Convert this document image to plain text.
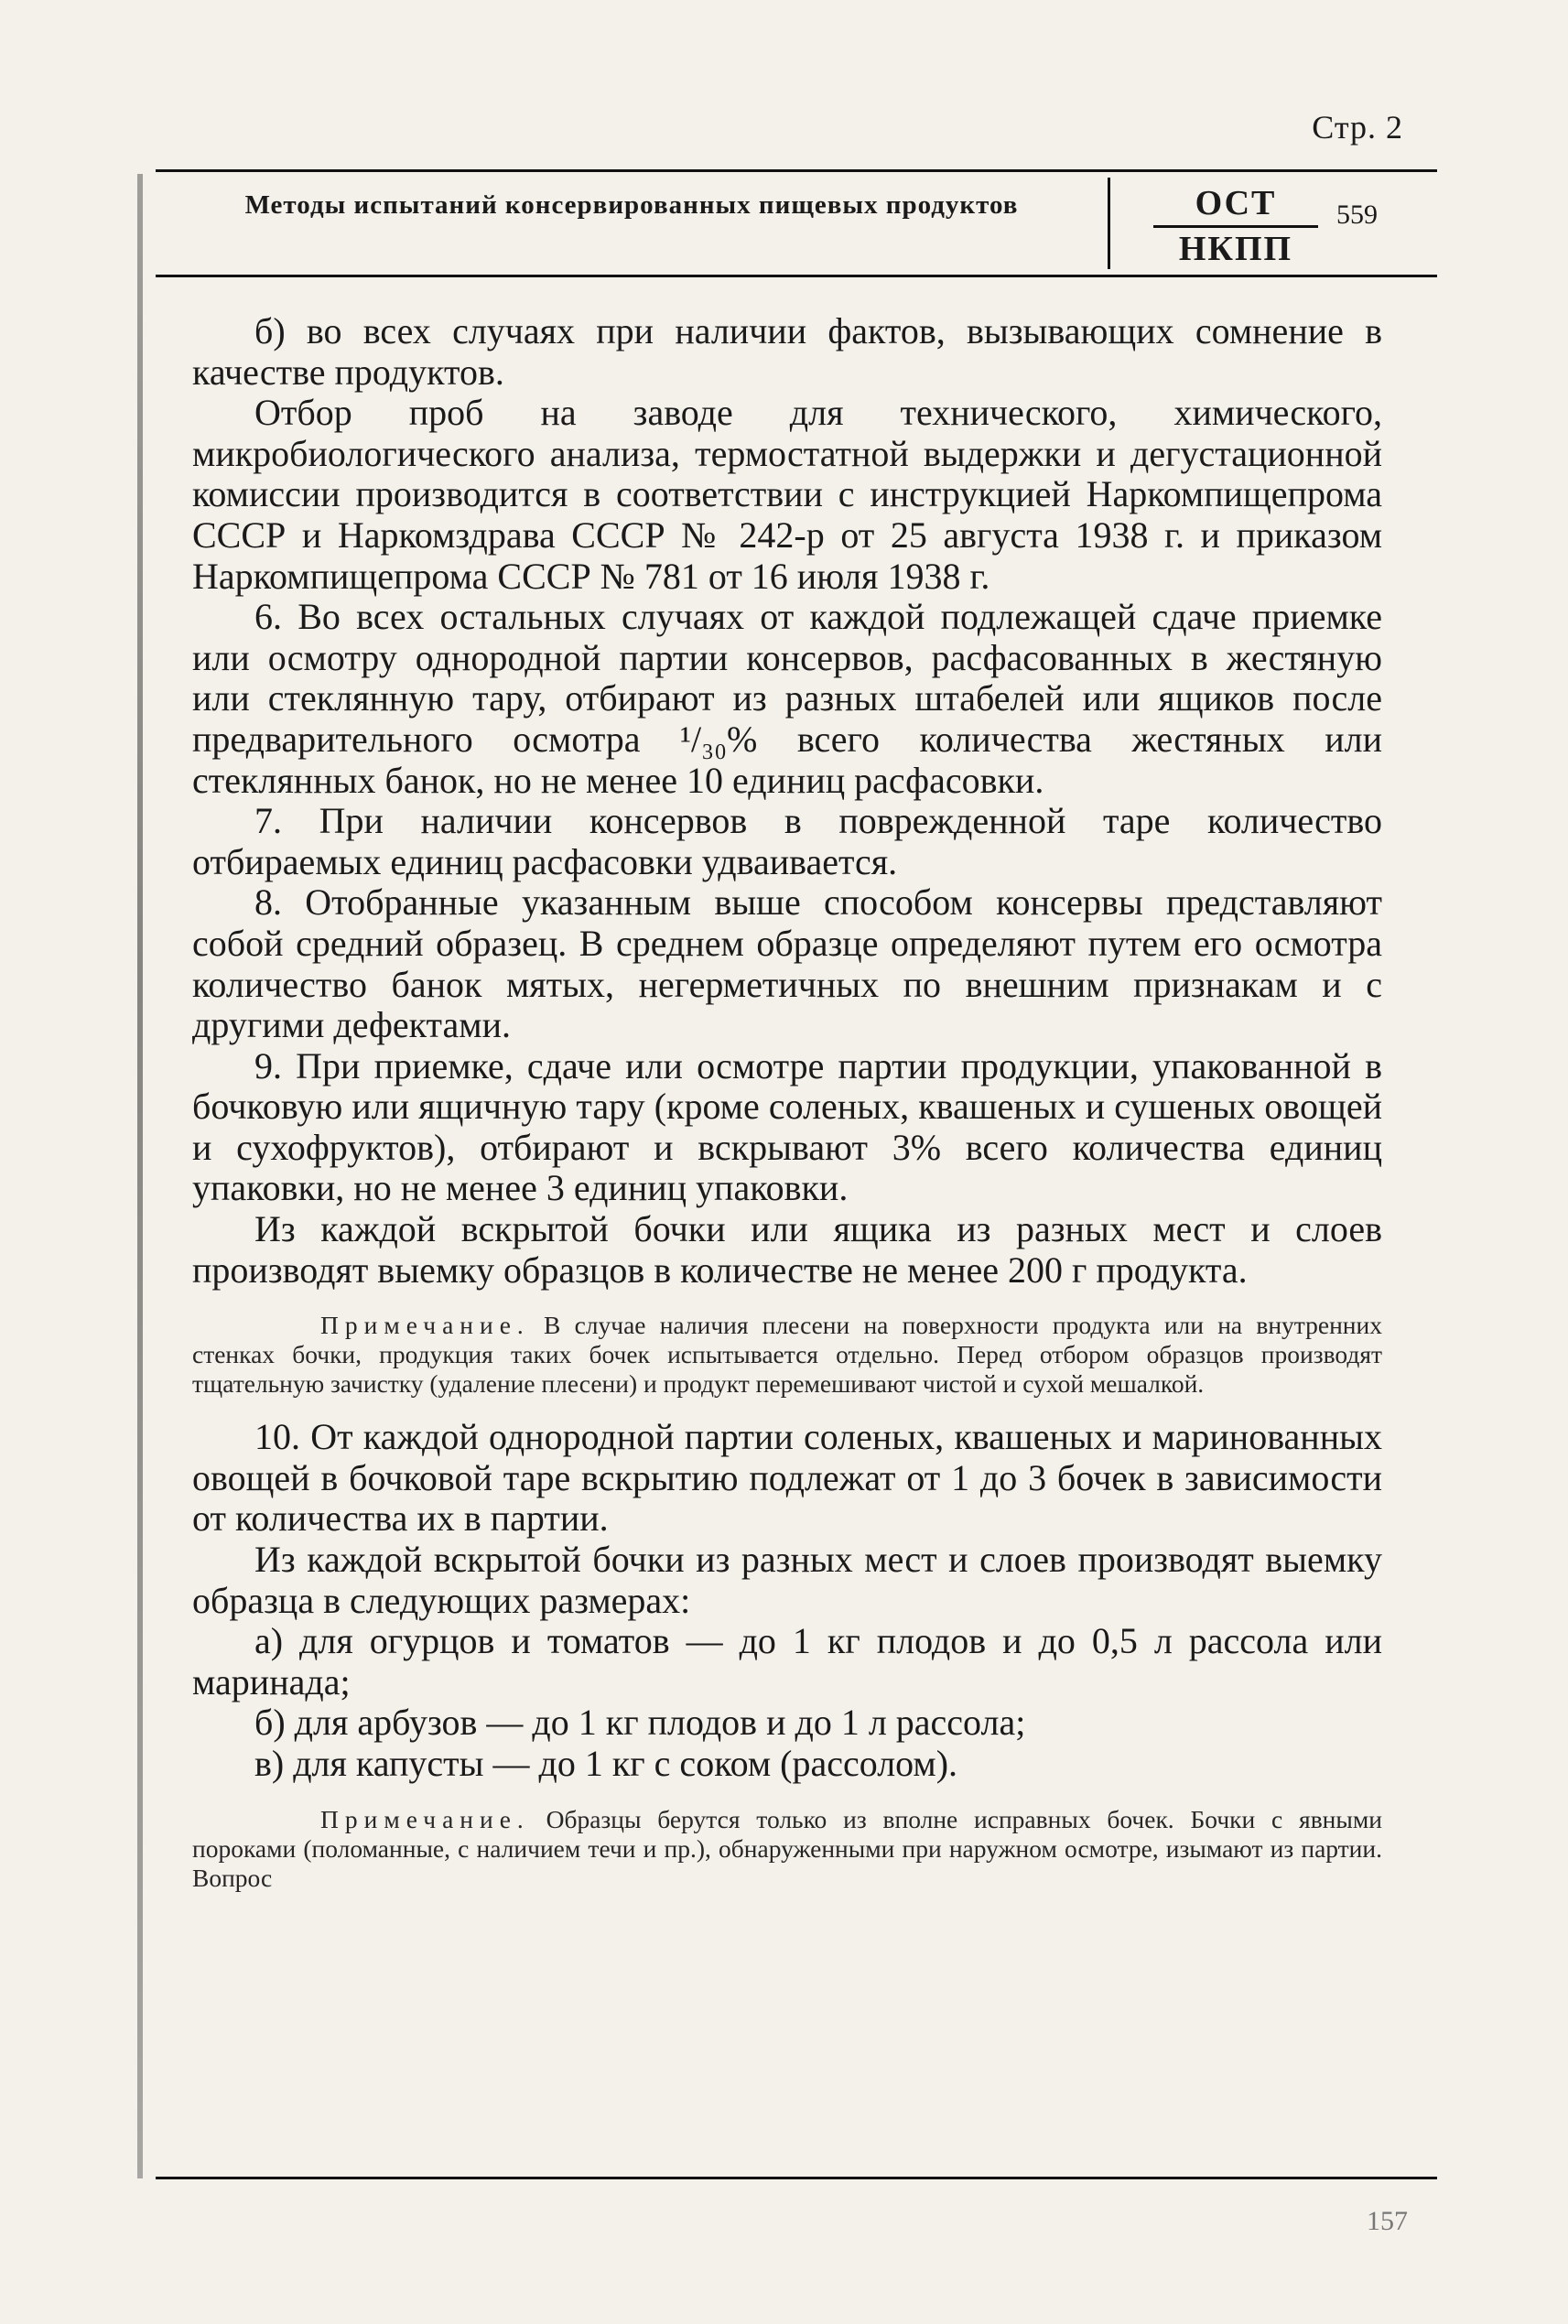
Стр. 2
Методы испытаний консервированных пищевых продуктов	ОСТ
НКПП
559

б) во всех случаях при наличии фактов, вызывающих сомнение в качестве продуктов.

Отбор проб на заводе для технического, химического, микробиологического анализа, термостатной выдержки и дегустационной комиссии производится в соответствии с инструкцией Наркомпищепрома СССР и Наркомздрава СССР № 242-р от 25 августа 1938 г. и приказом Наркомпищепрома СССР № 781 от 16 июля 1938 г.

6. Во всех остальных случаях от каждой подлежащей сдаче приемке или осмотру однородной партии консервов, расфасованных в жестяную или стеклянную тару, отбирают из разных штабелей или ящиков после предварительного осмотра ¹/₃₀% всего количества жестяных или стеклянных банок, но не менее 10 единиц расфасовки.

7. При наличии консервов в поврежденной таре количество отбираемых единиц расфасовки удваивается.

8. Отобранные указанным выше способом консервы представляют собой средний образец. В среднем образце определяют путем его осмотра количество банок мятых, негерметичных по внешним признакам и с другими дефектами.

9. При приемке, сдаче или осмотре партии продукции, упакованной в бочковую или ящичную тару (кроме соленых, квашеных и сушеных овощей и сухофруктов), отбирают и вскрывают 3% всего количества единиц упаковки, но не менее 3 единиц упаковки.

Из каждой вскрытой бочки или ящика из разных мест и слоев производят выемку образцов в количестве не менее 200 г продукта.

Примечание. В случае наличия плесени на поверхности продукта или на внутренних стенках бочки, продукция таких бочек испытывается отдельно. Перед отбором образцов производят тщательную зачистку (удаление плесени) и продукт перемешивают чистой и сухой мешалкой.

10. От каждой однородной партии соленых, квашеных и маринованных овощей в бочковой таре вскрытию подлежат от 1 до 3 бочек в зависимости от количества их в партии.

Из каждой вскрытой бочки из разных мест и слоев производят выемку образца в следующих размерах:

а) для огурцов и томатов — до 1 кг плодов и до 0,5 л рассола или маринада;

б) для арбузов — до 1 кг плодов и до 1 л рассола;

в) для капусты — до 1 кг с соком (рассолом).

Примечание. Образцы берутся только из вполне исправных бочек. Бочки с явными пороками (поломанные, с наличием течи и пр.), обнаруженными при наружном осмотре, изымают из партии. Вопрос
157
